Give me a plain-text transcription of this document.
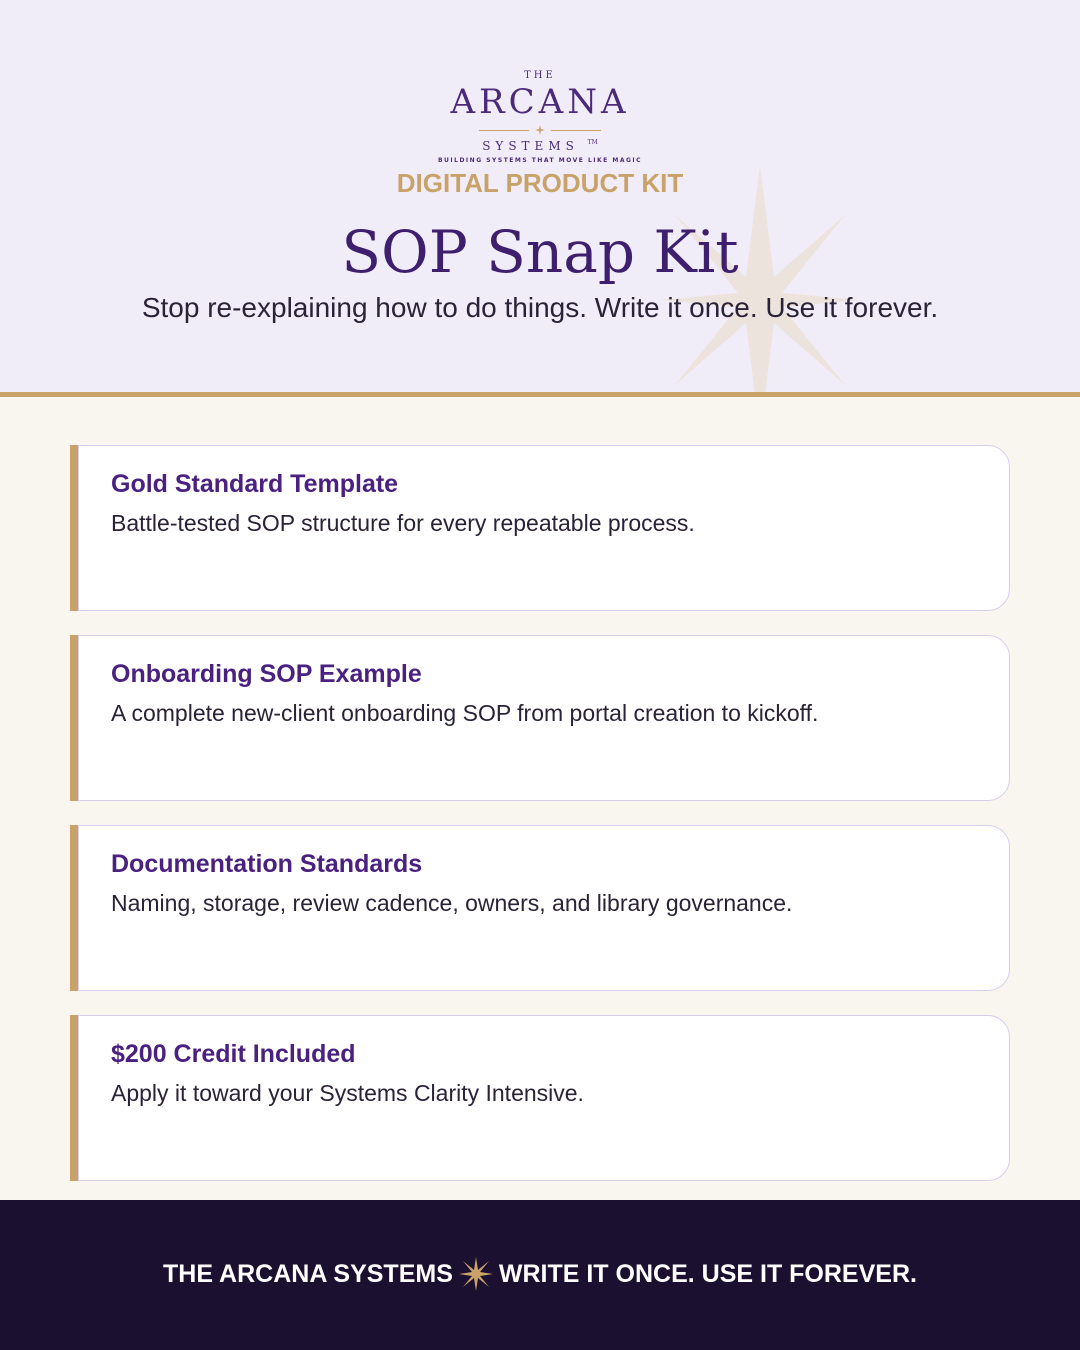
THE
ARCANA
SYSTEMS ™
BUILDING SYSTEMS THAT MOVE LIKE MAGIC
DIGITAL PRODUCT KIT
SOP Snap Kit
Stop re-explaining how to do things. Write it once. Use it forever.
Gold Standard Template
Battle-tested SOP structure for every repeatable process.
Onboarding SOP Example
A complete new-client onboarding SOP from portal creation to kickoff.
Documentation Standards
Naming, storage, review cadence, owners, and library governance.
$200 Credit Included
Apply it toward your Systems Clarity Intensive.
THE ARCANA SYSTEMS WRITE IT ONCE. USE IT FOREVER.
